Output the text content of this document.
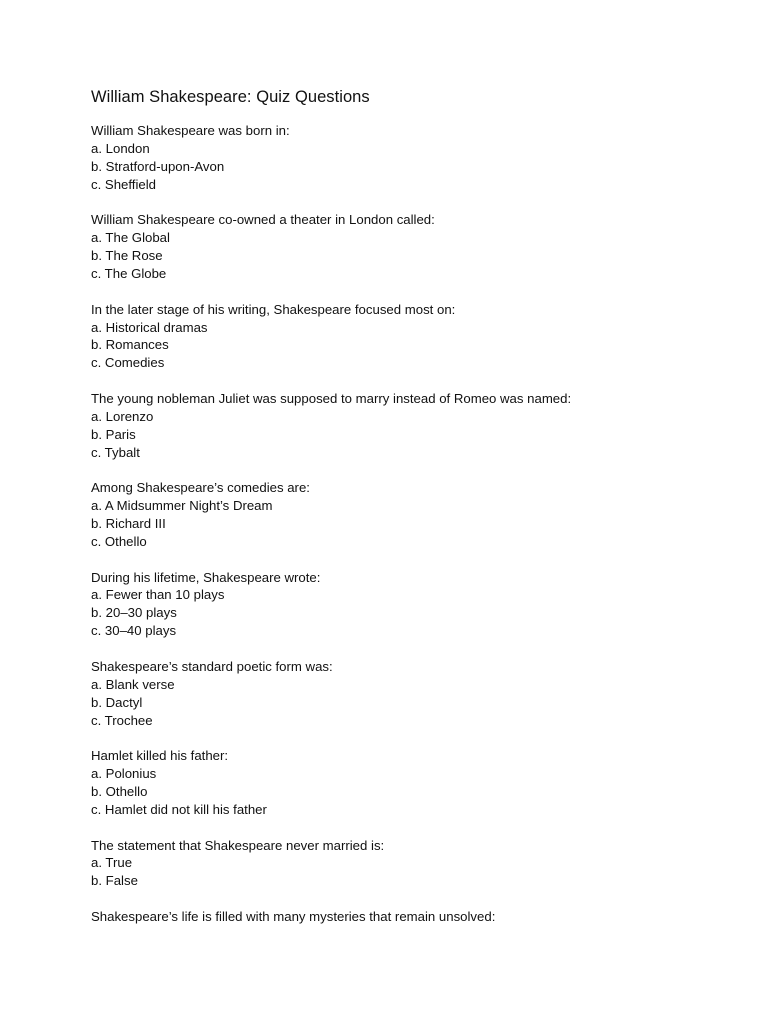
William Shakespeare: Quiz Questions

William Shakespeare was born in:

a. London

b. Stratford-upon-Avon

c. Sheffield

William Shakespeare co-owned a theater in London called:

a. The Global

b. The Rose

c. The Globe

In the later stage of his writing, Shakespeare focused most on:

a. Historical dramas

b. Romances

c. Comedies

The young nobleman Juliet was supposed to marry instead of Romeo was named:

a. Lorenzo

b. Paris

c. Tybalt

Among Shakespeare’s comedies are:

a. A Midsummer Night’s Dream

b. Richard III

c. Othello

During his lifetime, Shakespeare wrote:

a. Fewer than 10 plays

b. 20–30 plays

c. 30–40 plays

Shakespeare’s standard poetic form was:

a. Blank verse

b. Dactyl

c. Trochee

Hamlet killed his father:

a. Polonius

b. Othello

c. Hamlet did not kill his father

The statement that Shakespeare never married is:

a. True

b. False

Shakespeare’s life is filled with many mysteries that remain unsolved:
